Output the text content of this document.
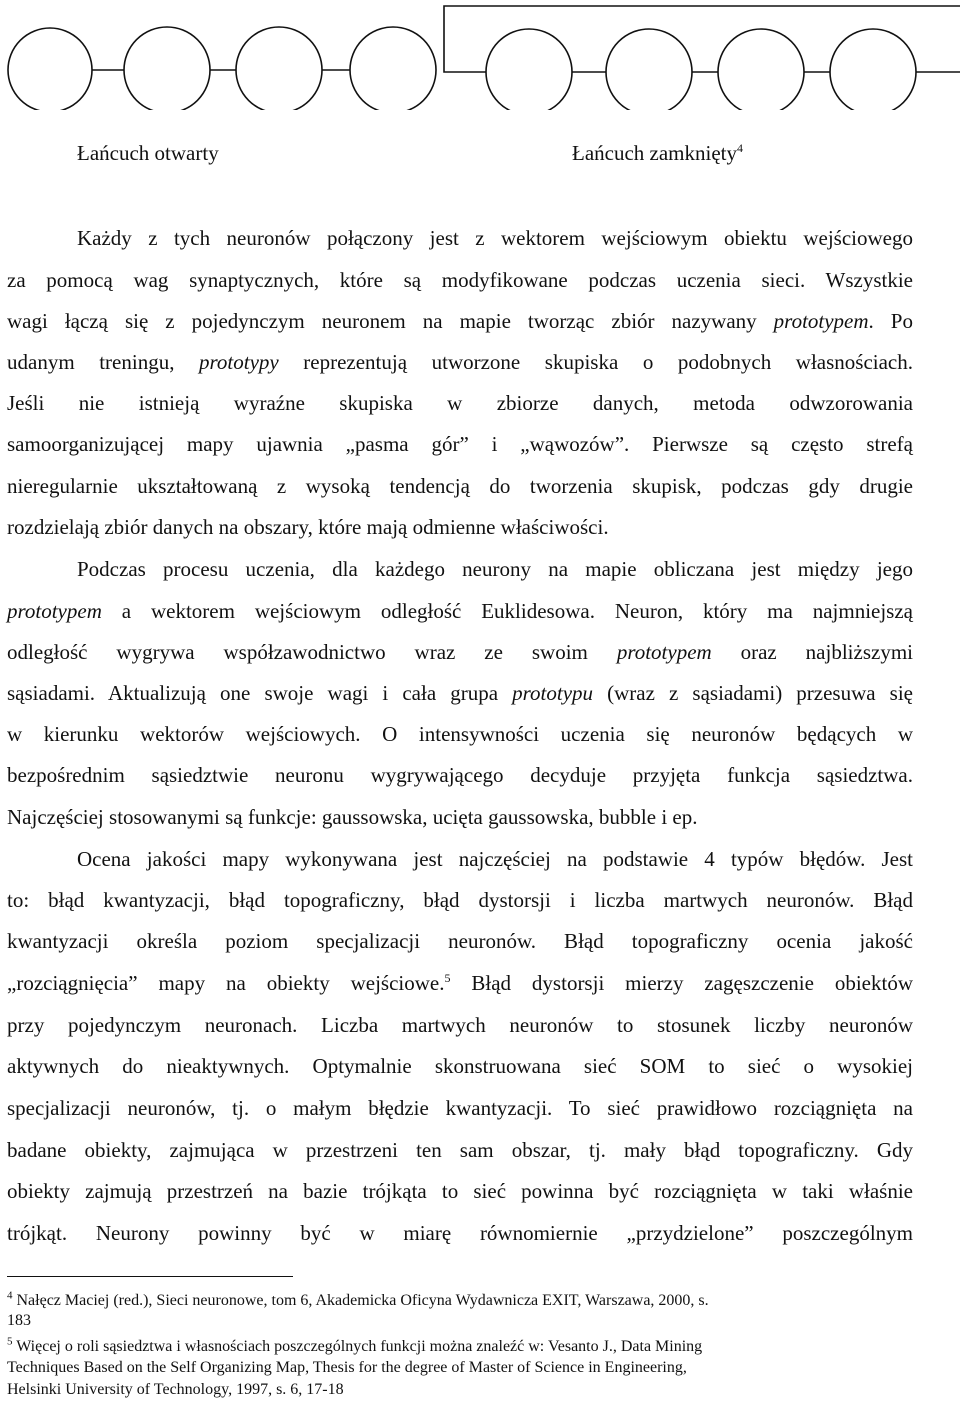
Łańcuch otwarty	Łańcuch zamknięty$^4$
Każdy z tych neuronów połączony jest z wektorem wejściowym obiektu wejściowego
za pomocą wag synaptycznych, które są modyfikowane podczas uczenia sieci. Wszystkie
wagi łączą się z pojedynczym neuronem na mapie tworząc zbiór nazywany prototypem. Po
udanym treningu, prototypy reprezentują utworzone skupiska o podobnych własnościach.
Jeśli nie istnieją wyraźne skupiska w zbiorze danych, metoda odwzorowania
samoorganizującej mapy ujawnia „pasma gór” i „wąwozów”. Pierwsze są często strefą
nieregularnie ukształtowaną z wysoką tendencją do tworzenia skupisk, podczas gdy drugie
rozdzielają zbiór danych na obszary, które mają odmienne właściwości.
Podczas procesu uczenia, dla każdego neurony na mapie obliczana jest między jego
prototypem a wektorem wejściowym odległość Euklidesowa. Neuron, który ma najmniejszą
odległość wygrywa współzawodnictwo wraz ze swoim prototypem oraz najbliższymi
sąsiadami. Aktualizują one swoje wagi i cała grupa prototypu (wraz z sąsiadami) przesuwa się
w kierunku wektorów wejściowych. O intensywności uczenia się neuronów będących w
bezpośrednim sąsiedztwie neuronu wygrywającego decyduje przyjęta funkcja sąsiedztwa.
Najczęściej stosowanymi są funkcje: gaussowska, ucięta gaussowska, bubble i ep.
Ocena jakości mapy wykonywana jest najczęściej na podstawie 4 typów błędów. Jest
to: błąd kwantyzacji, błąd topograficzny, błąd dystorsji i liczba martwych neuronów. Błąd
kwantyzacji określa poziom specjalizacji neuronów. Błąd topograficzny ocenia jakość
„rozciągnięcia” mapy na obiekty wejściowe.$^5$ Błąd dystorsji mierzy zagęszczenie obiektów
przy pojedynczym neuronach. Liczba martwych neuronów to stosunek liczby neuronów
aktywnych do nieaktywnych. Optymalnie skonstruowana sieć SOM to sieć o wysokiej
specjalizacji neuronów, tj. o małym błędzie kwantyzacji. To sieć prawidłowo rozciągnięta na
badane obiekty, zajmująca w przestrzeni ten sam obszar, tj. mały błąd topograficzny. Gdy
obiekty zajmują przestrzeń na bazie trójkąta to sieć powinna być rozciągnięta w taki właśnie
trójkąt. Neurony powinny być w miarę równomiernie „przydzielone” poszczególnym
$^4$ Nałęcz Maciej (red.), Sieci neuronowe, tom 6, Akademicka Oficyna Wydawnicza EXIT, Warszawa, 2000, s.
183
$^5$ Więcej o roli sąsiedztwa i własnościach poszczególnych funkcji można znaleźć w: Vesanto J., Data Mining
Techniques Based on the Self Organizing Map, Thesis for the degree of Master of Science in Engineering,
Helsinki University of Technology, 1997, s. 6, 17-18
